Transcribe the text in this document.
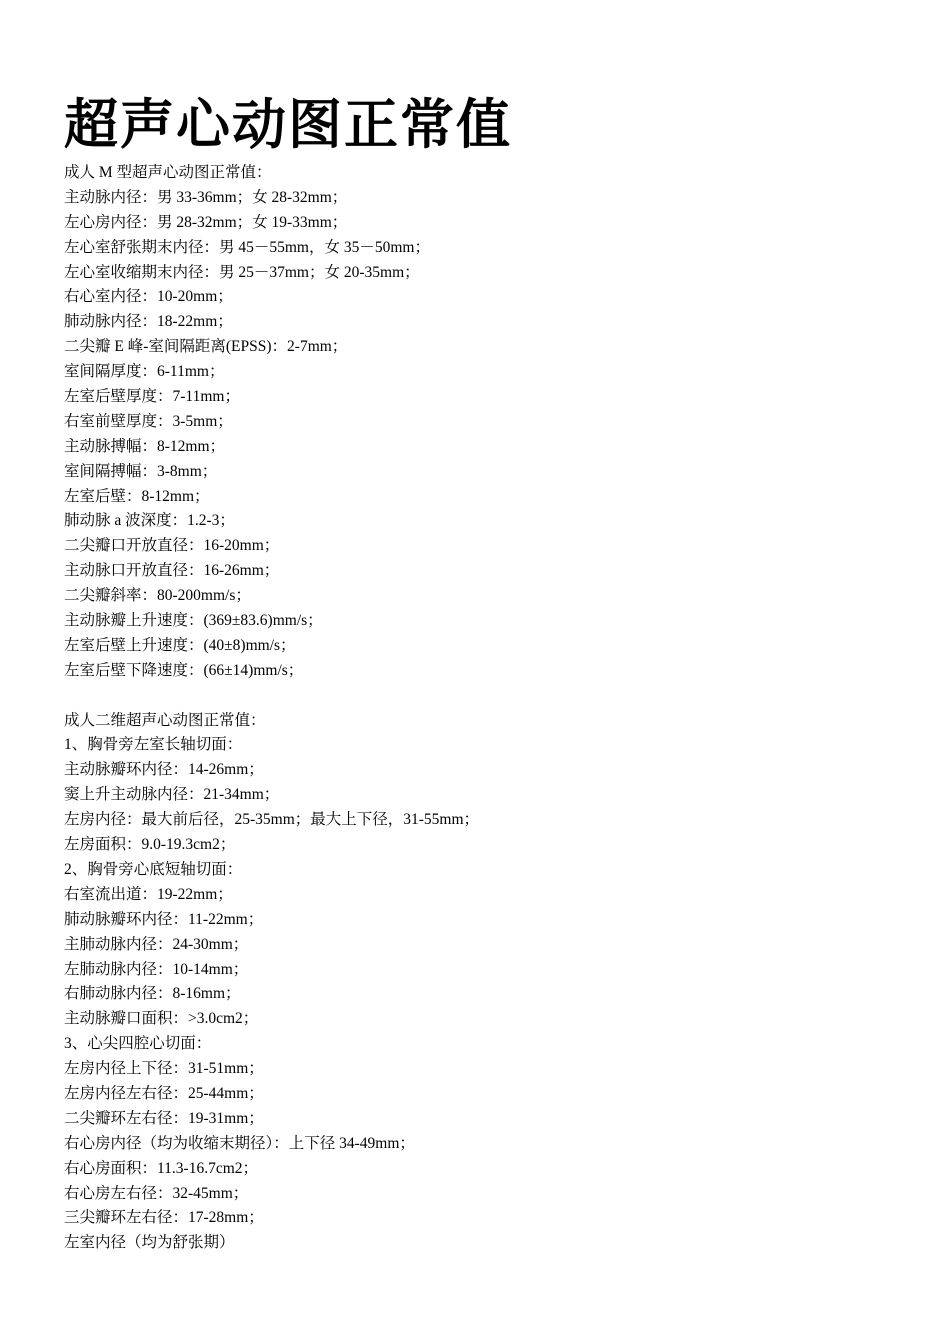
超声心动图正常值
成人 M 型超声心动图正常值：
主动脉内径：男 33-36mm；女 28-32mm；
左心房内径：男 28-32mm；女 19-33mm；
左心室舒张期末内径：男 45－55mm，女 35－50mm；
左心室收缩期末内径：男 25－37mm；女 20-35mm；
右心室内径：10-20mm；
肺动脉内径：18-22mm；
二尖瓣 E 峰-室间隔距离(EPSS)：2-7mm；
室间隔厚度：6-11mm；
左室后壁厚度：7-11mm；
右室前壁厚度：3-5mm；
主动脉搏幅：8-12mm；
室间隔搏幅：3-8mm；
左室后壁：8-12mm；
肺动脉 a 波深度：1.2-3；
二尖瓣口开放直径：16-20mm；
主动脉口开放直径：16-26mm；
二尖瓣斜率：80-200mm/s；
主动脉瓣上升速度：(369±83.6)mm/s；
左室后壁上升速度：(40±8)mm/s；
左室后壁下降速度：(66±14)mm/s；
成人二维超声心动图正常值：
1、胸骨旁左室长轴切面：
主动脉瓣环内径：14-26mm；
窦上升主动脉内径：21-34mm；
左房内径：最大前后径，25-35mm；最大上下径，31-55mm；
左房面积：9.0-19.3cm2；
2、胸骨旁心底短轴切面：
右室流出道：19-22mm；
肺动脉瓣环内径：11-22mm；
主肺动脉内径：24-30mm；
左肺动脉内径：10-14mm；
右肺动脉内径：8-16mm；
主动脉瓣口面积：>3.0cm2；
3、心尖四腔心切面：
左房内径上下径：31-51mm；
左房内径左右径：25-44mm；
二尖瓣环左右径：19-31mm；
右心房内径（均为收缩末期径）：上下径 34-49mm；
右心房面积：11.3-16.7cm2；
右心房左右径：32-45mm；
三尖瓣环左右径：17-28mm；
左室内径（均为舒张期）
